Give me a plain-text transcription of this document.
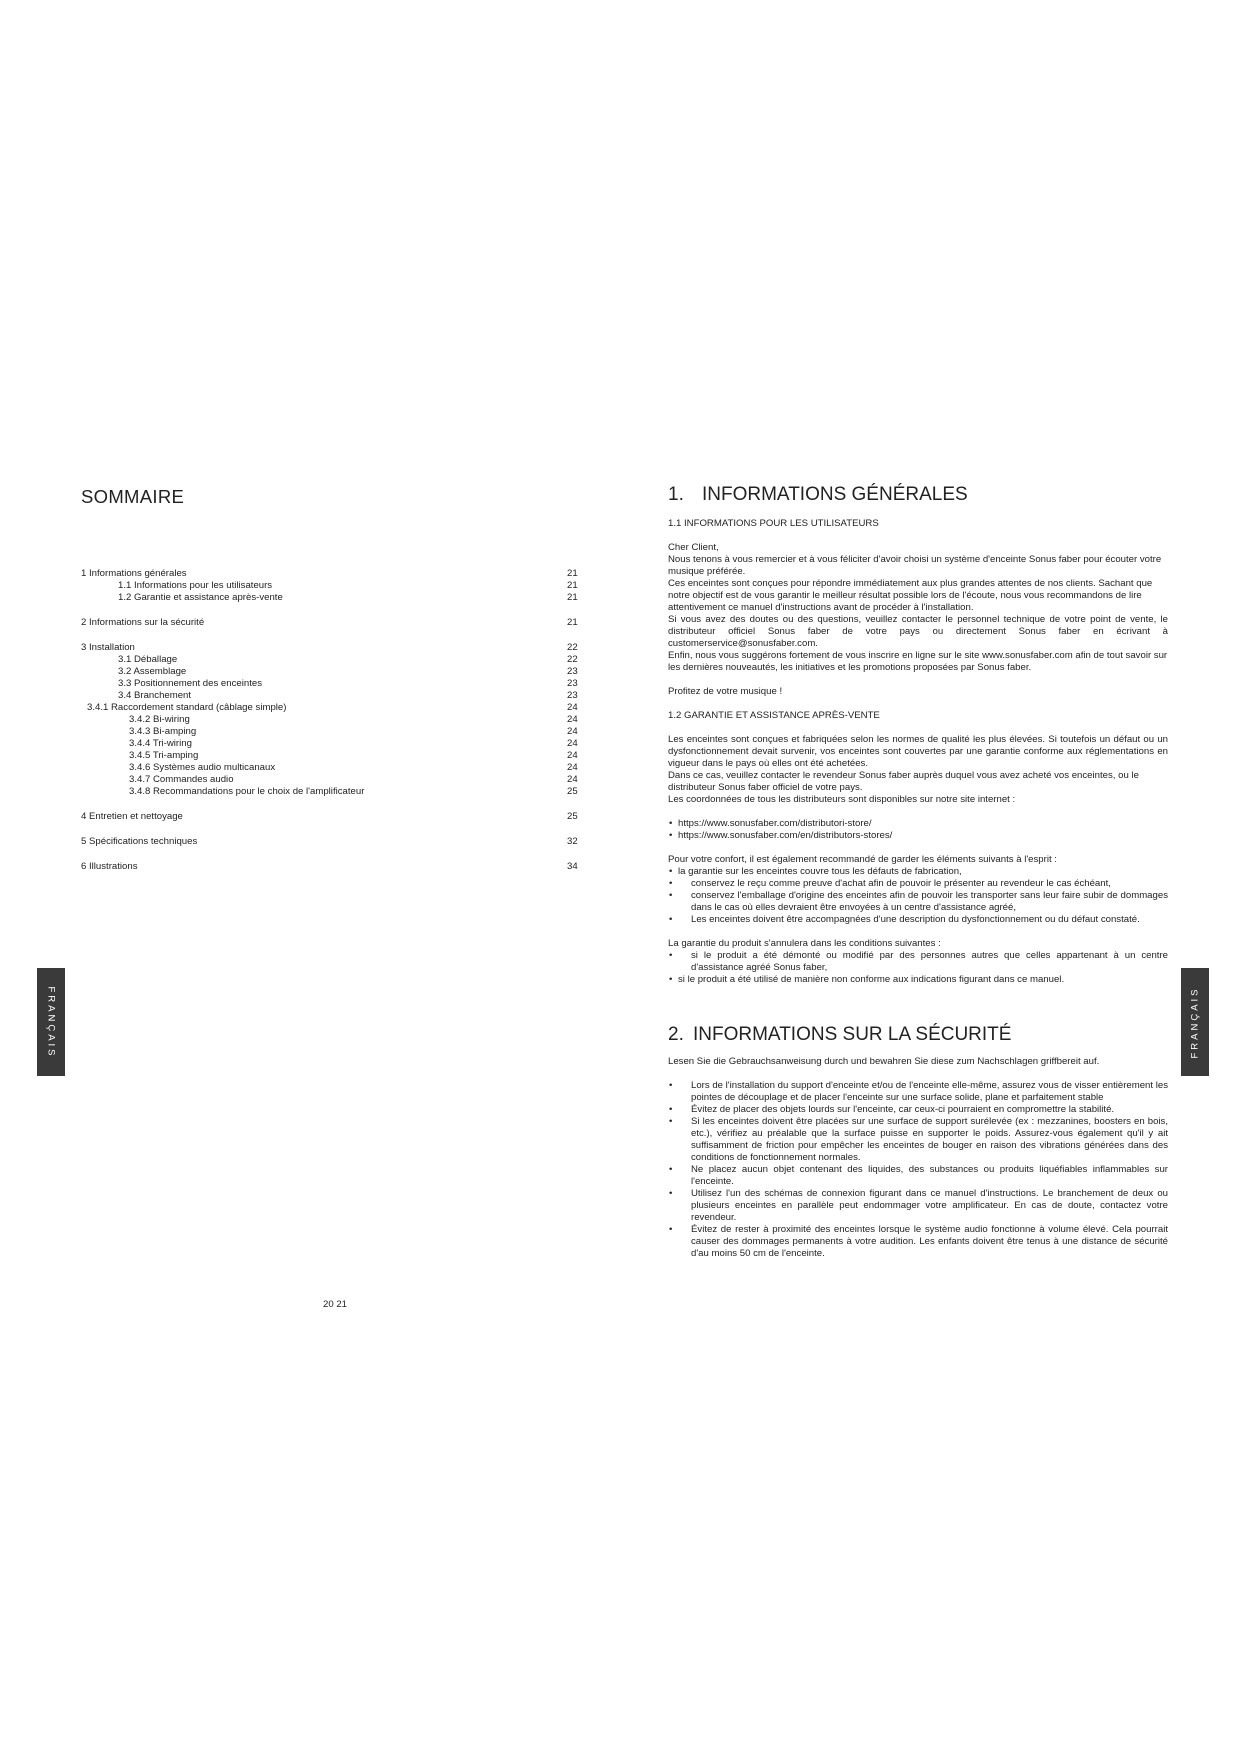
FRANÇAIS	FRANÇAIS
SOMMAIRE
1 Informations générales	21
1.1 Informations pour les utilisateurs	21
1.2 Garantie et assistance après-vente	21
2 Informations sur la sécurité	21
3 Installation	22
3.1 Déballage	22
3.2 Assemblage	23
3.3 Positionnement des enceintes	23
3.4 Branchement	23
3.4.1 Raccordement standard (câblage simple)	24
3.4.2 Bi-wiring	24
3.4.3 Bi-amping	24
3.4.4 Tri-wiring	24
3.4.5 Tri-amping	24
3.4.6 Systèmes audio multicanaux	24
3.4.7 Commandes audio	24
3.4.8 Recommandations pour le choix de l'amplificateur	25
4 Entretien et nettoyage	25
5 Spécifications techniques	32
6 Illustrations	34
20 21
1. INFORMATIONS GÉNÉRALES

1.1 INFORMATIONS POUR LES UTILISATEURS

Cher Client,

Nous tenons à vous remercier et à vous féliciter d'avoir choisi un système d'enceinte Sonus faber pour écouter votre musique préférée.

Ces enceintes sont conçues pour répondre immédiatement aux plus grandes attentes de nos clients. Sachant que notre objectif est de vous garantir le meilleur résultat possible lors de l'écoute, nous vous recommandons de lire attentivement ce manuel d'instructions avant de procéder à l'installation.

Si vous avez des doutes ou des questions, veuillez contacter le personnel technique de votre point de vente, le distributeur officiel Sonus faber de votre pays ou directement Sonus faber en écrivant à customerservice@sonusfaber.com.

Enfin, nous vous suggérons fortement de vous inscrire en ligne sur le site www.sonusfaber.com afin de tout savoir sur les dernières nouveautés, les initiatives et les promotions proposées par Sonus faber.

Profitez de votre musique !

1.2 GARANTIE ET ASSISTANCE APRÈS-VENTE

Les enceintes sont conçues et fabriquées selon les normes de qualité les plus élevées. Si toutefois un défaut ou un dysfonctionnement devait survenir, vos enceintes sont couvertes par une garantie conforme aux réglementations en vigueur dans le pays où elles ont été achetées.

Dans ce cas, veuillez contacter le revendeur Sonus faber auprès duquel vous avez acheté vos enceintes, ou le distributeur Sonus faber officiel de votre pays.

Les coordonnées de tous les distributeurs sont disponibles sur notre site internet :

• https://www.sonusfaber.com/distributori-store/
• https://www.sonusfaber.com/en/distributors-stores/

Pour votre confort, il est également recommandé de garder les éléments suivants à l'esprit :

• la garantie sur les enceintes couvre tous les défauts de fabrication,
• conservez le reçu comme preuve d'achat afin de pouvoir le présenter au revendeur le cas échéant,
• conservez l'emballage d'origine des enceintes afin de pouvoir les transporter sans leur faire subir de dommages dans le cas où elles devraient être envoyées à un centre d'assistance agréé,
• Les enceintes doivent être accompagnées d'une description du dysfonctionnement ou du défaut constaté.

La garantie du produit s'annulera dans les conditions suivantes :

• si le produit a été démonté ou modifié par des personnes autres que celles appartenant à un centre d'assistance agréé Sonus faber,
• si le produit a été utilisé de manière non conforme aux indications figurant dans ce manuel.
2. INFORMATIONS SUR LA SÉCURITÉ

Lesen Sie die Gebrauchsanweisung durch und bewahren Sie diese zum Nachschlagen griffbereit auf.

• Lors de l'installation du support d'enceinte et/ou de l'enceinte elle-même, assurez vous de visser entièrement les pointes de découplage et de placer l'enceinte sur une surface solide, plane et parfaitement stable
• Évitez de placer des objets lourds sur l'enceinte, car ceux-ci pourraient en compromettre la stabilité.
• Si les enceintes doivent être placées sur une surface de support surélevée (ex : mezzanines, boosters en bois, etc.), vérifiez au préalable que la surface puisse en supporter le poids. Assurez-vous également qu'il y ait suffisamment de friction pour empêcher les enceintes de bouger en raison des vibrations générées dans des conditions de fonctionnement normales.
• Ne placez aucun objet contenant des liquides, des substances ou produits liquéfiables inflammables sur l'enceinte.
• Utilisez l'un des schémas de connexion figurant dans ce manuel d'instructions. Le branchement de deux ou plusieurs enceintes en parallèle peut endommager votre amplificateur. En cas de doute, contactez votre revendeur.
• Évitez de rester à proximité des enceintes lorsque le système audio fonctionne à volume élevé. Cela pourrait causer des dommages permanents à votre audition. Les enfants doivent être tenus à une distance de sécurité d'au moins 50 cm de l'enceinte.
